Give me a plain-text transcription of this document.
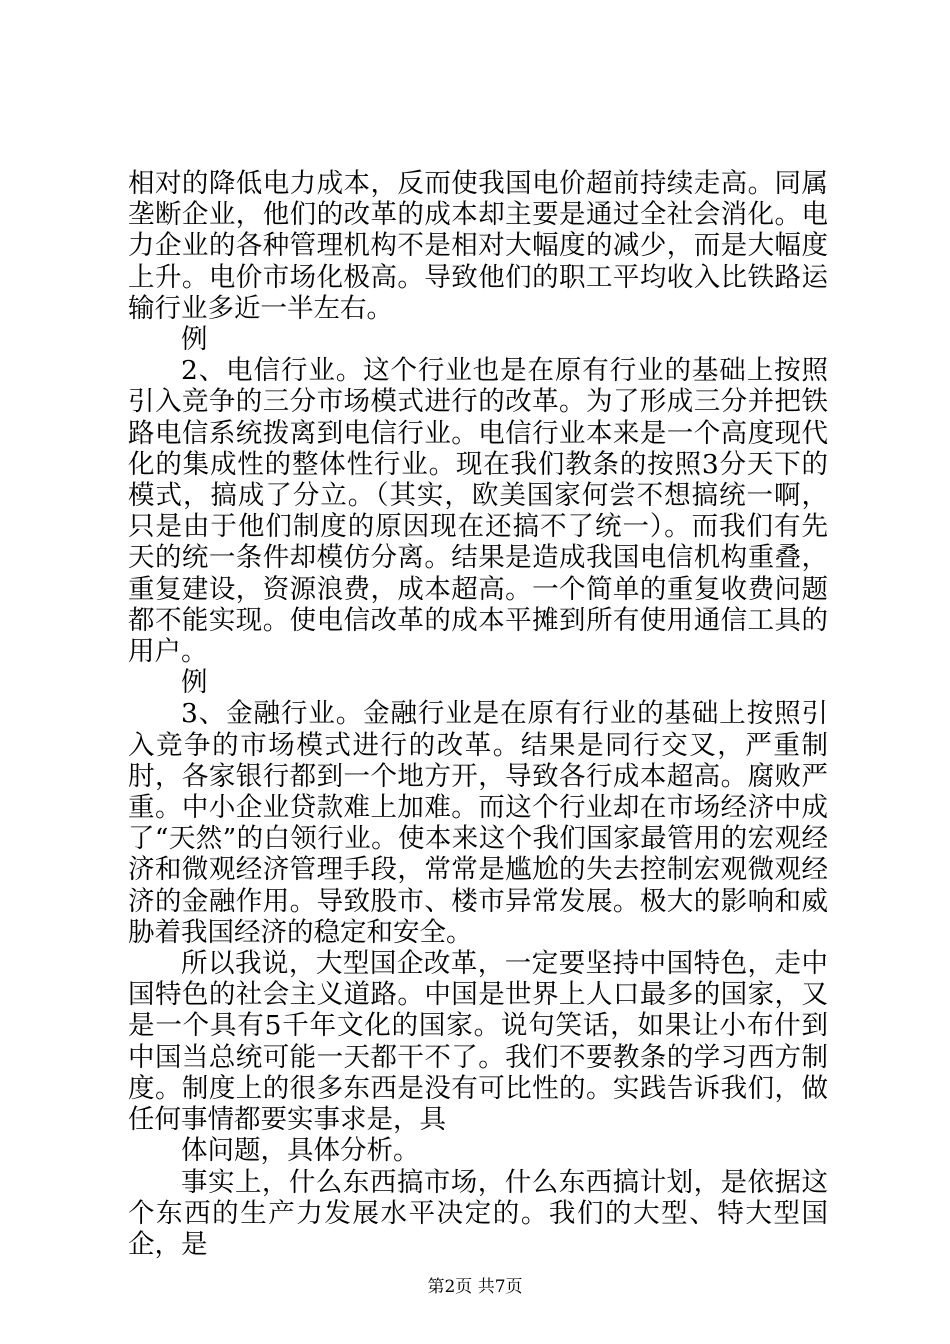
相对的降低电力成本，反而使我国电价超前持续走高。同属垄断企业，他们的改革的成本却主要是通过全社会消化。电力企业的各种管理机构不是相对大幅度的减少，而是大幅度上升。电价市场化极高。导致他们的职工平均收入比铁路运输行业多近一半左右。

例

2、电信行业。这个行业也是在原有行业的基础上按照引入竞争的三分市场模式进行的改革。为了形成三分并把铁路电信系统拨离到电信行业。电信行业本来是一个高度现代化的集成性的整体性行业。现在我们教条的按照3分天下的模式，搞成了分立。（其实，欧美国家何尝不想搞统一啊，只是由于他们制度的原因现在还搞不了统一）。而我们有先天的统一条件却模仿分离。结果是造成我国电信机构重叠，重复建设，资源浪费，成本超高。一个简单的重复收费问题都不能实现。使电信改革的成本平摊到所有使用通信工具的用户。

例

3、金融行业。金融行业是在原有行业的基础上按照引入竞争的市场模式进行的改革。结果是同行交叉，严重制肘，各家银行都到一个地方开，导致各行成本超高。腐败严重。中小企业贷款难上加难。而这个行业却在市场经济中成了“天然”的白领行业。使本来这个我们国家最管用的宏观经济和微观经济管理手段，常常是尴尬的失去控制宏观微观经济的金融作用。导致股市、楼市异常发展。极大的影响和威胁着我国经济的稳定和安全。

所以我说，大型国企改革，一定要坚持中国特色，走中国特色的社会主义道路。中国是世界上人口最多的国家，又是一个具有5千年文化的国家。说句笑话，如果让小布什到中国当总统可能一天都干不了。我们不要教条的学习西方制度。制度上的很多东西是没有可比性的。实践告诉我们，做任何事情都要实事求是，具

体问题，具体分析。

事实上，什么东西搞市场，什么东西搞计划，是依据这个东西的生产力发展水平决定的。我们的大型、特大型国企，是

第2页 共7页
